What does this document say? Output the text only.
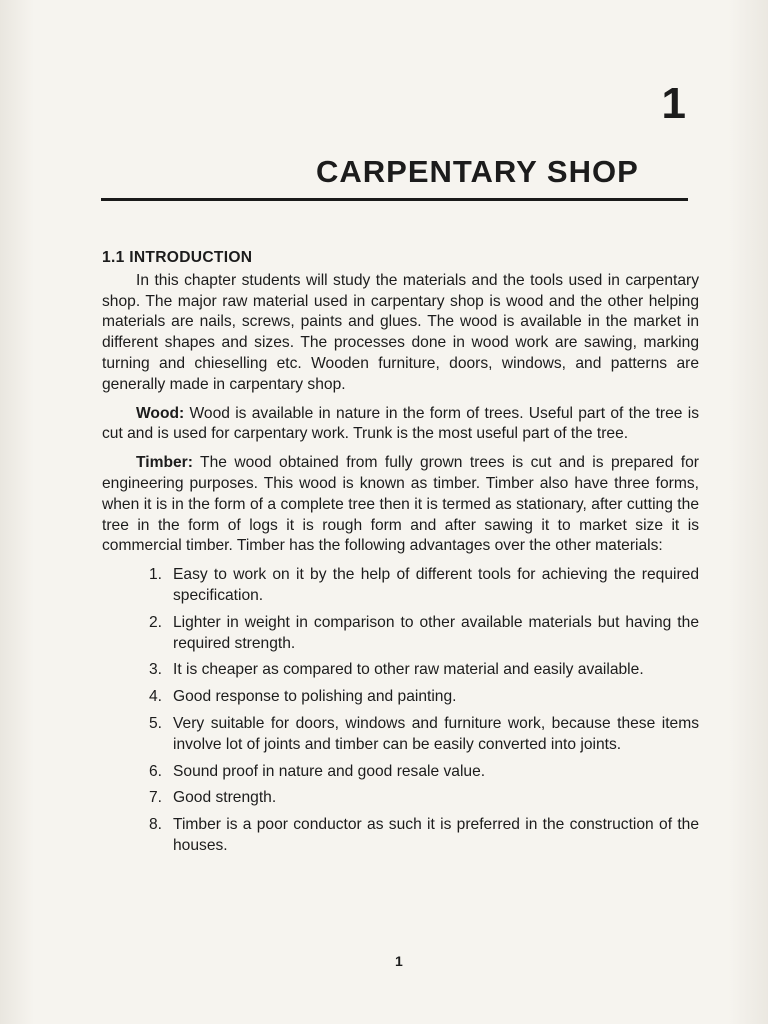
1
CARPENTARY SHOP
1.1 INTRODUCTION

In this chapter students will study the materials and the tools used in carpentary shop. The major raw material used in carpentary shop is wood and the other helping materials are nails, screws, paints and glues. The wood is available in the market in different shapes and sizes. The processes done in wood work are sawing, marking turning and chieselling etc. Wooden furniture, doors, windows, and patterns are generally made in carpentary shop.

Wood: Wood is available in nature in the form of trees. Useful part of the tree is cut and is used for carpentary work. Trunk is the most useful part of the tree.

Timber: The wood obtained from fully grown trees is cut and is prepared for engineering purposes. This wood is known as timber. Timber also have three forms, when it is in the form of a complete tree then it is termed as stationary, after cutting the tree in the form of logs it is rough form and after sawing it to market size it is commercial timber. Timber has the following advantages over the other materials:

1. Easy to work on it by the help of different tools for achieving the required specification.
2. Lighter in weight in comparison to other available materials but having the required strength.
3. It is cheaper as compared to other raw material and easily available.
4. Good response to polishing and painting.
5. Very suitable for doors, windows and furniture work, because these items involve lot of joints and timber can be easily converted into joints.
6. Sound proof in nature and good resale value.
7. Good strength.
8. Timber is a poor conductor as such it is preferred in the construction of the houses.
1
